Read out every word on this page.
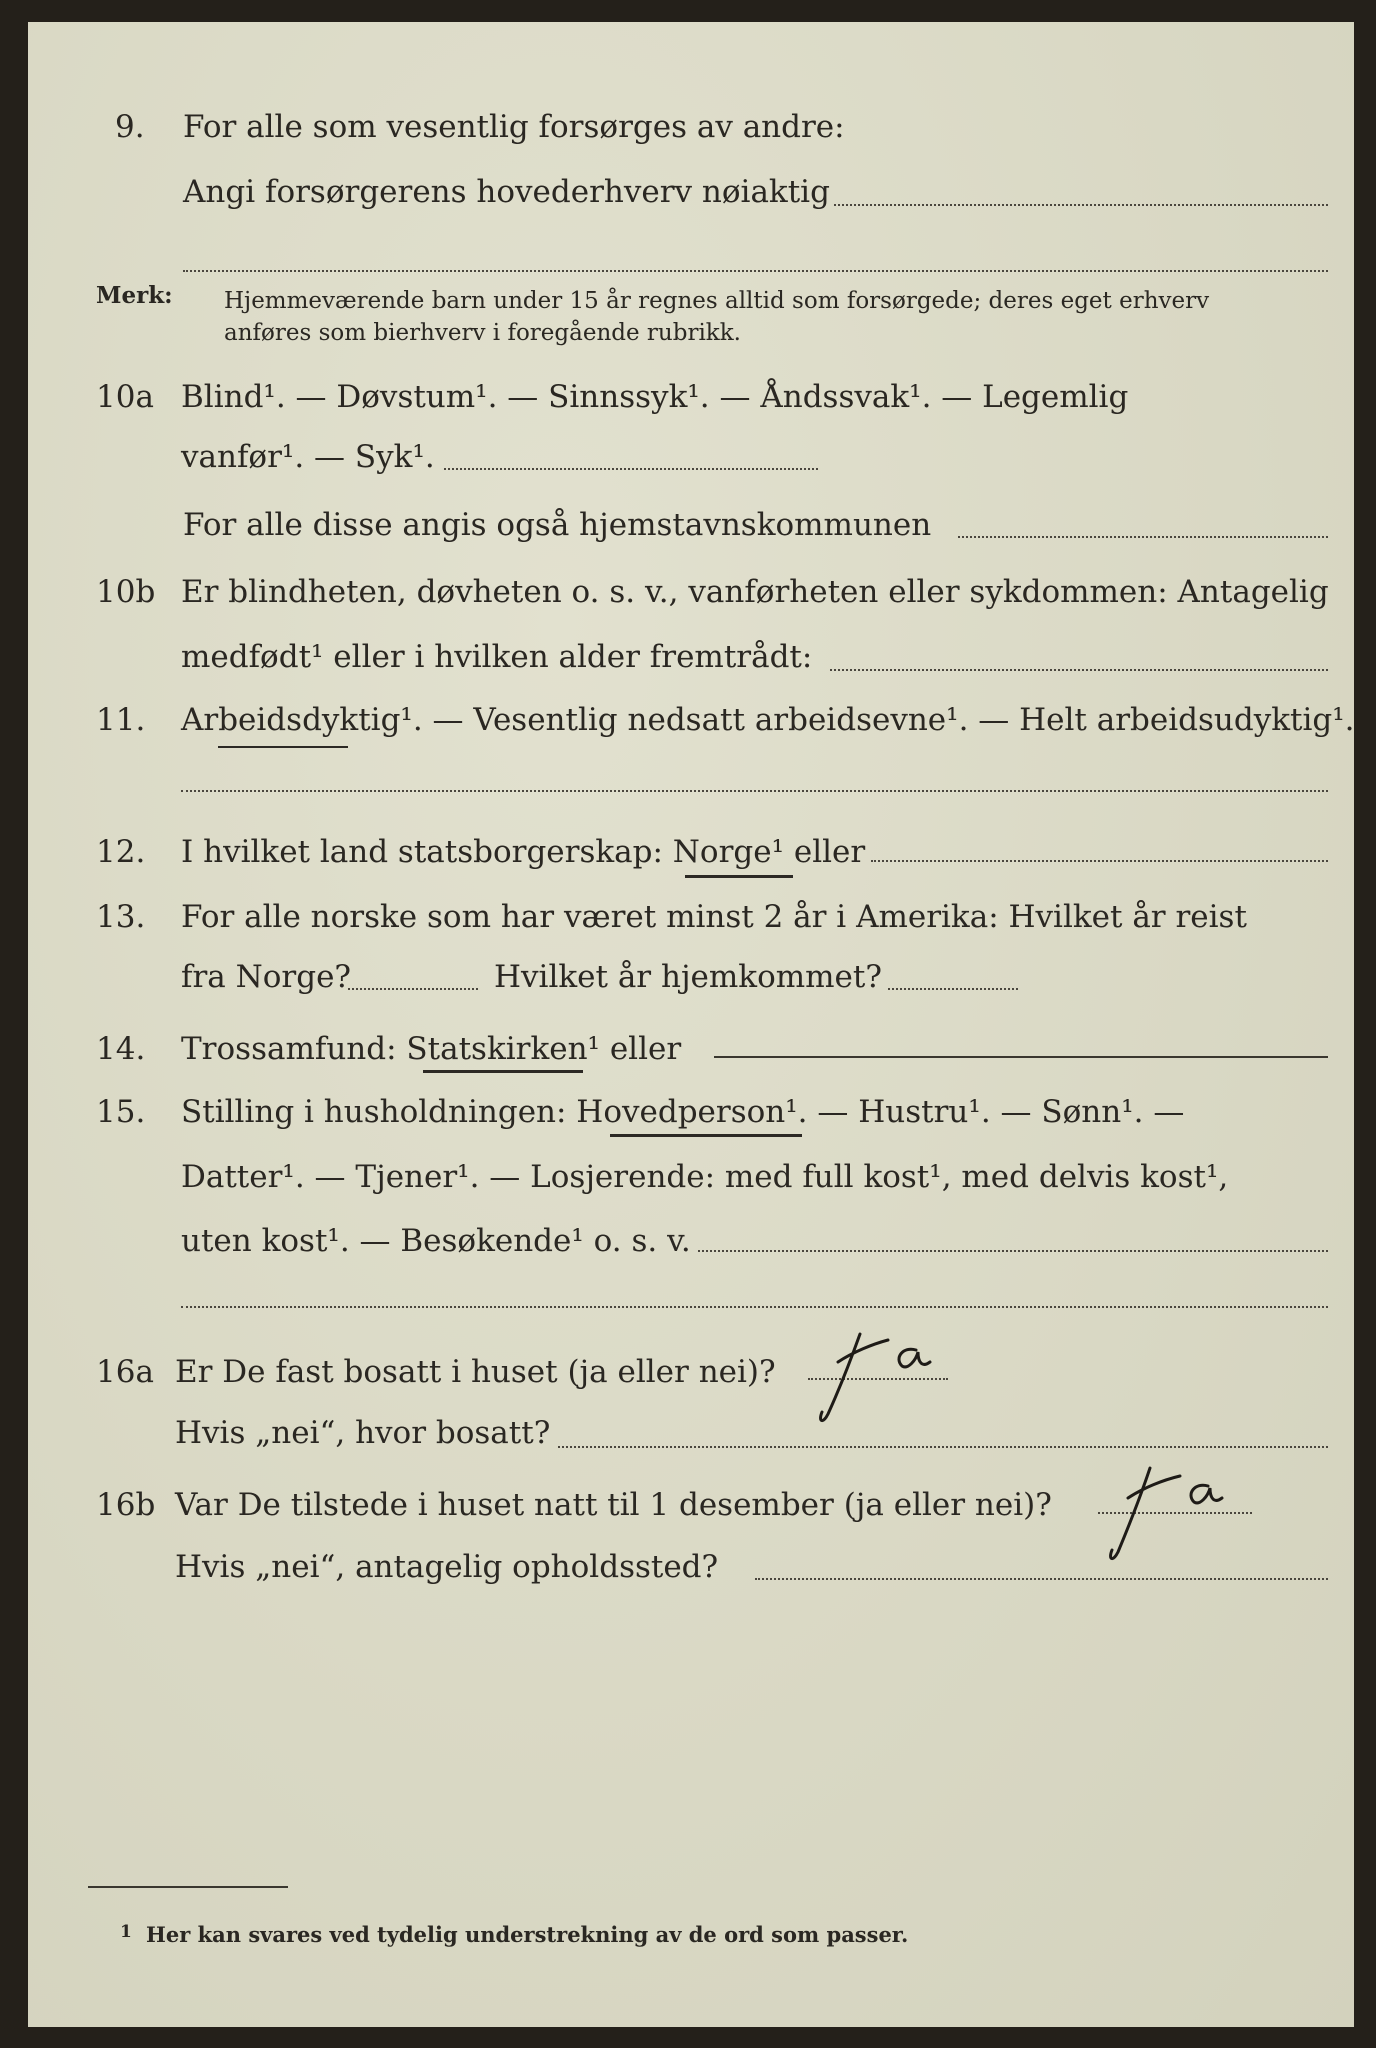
9. For alle som vesentlig forsørges av andre:
Angi forsørgerens hovederhverv nøiaktig
Merk: Hjemmeværende barn under 15 år regnes alltid som forsørgede; deres eget erhverv
anføres som bierhverv i foregående rubrikk.
10a Blind¹. — Døvstum¹. — Sinnssyk¹. — Åndssvak¹. — Legemlig
vanfør¹. — Syk¹.
For alle disse angis også hjemstavnskommunen
10b Er blindheten, døvheten o. s. v., vanførheten eller sykdommen: Antagelig
medfødt¹ eller i hvilken alder fremtrådt:
11. Arbeidsdyktig¹. — Vesentlig nedsatt arbeidsevne¹. — Helt arbeidsudyktig¹.
12. I hvilket land statsborgerskap: Norge¹ eller
13. For alle norske som har været minst 2 år i Amerika: Hvilket år reist
fra Norge?	Hvilket år hjemkommet?
14. Trossamfund: Statskirken¹ eller
15. Stilling i husholdningen: Hovedperson¹. — Hustru¹. — Sønn¹. —
Datter¹. — Tjener¹. — Losjerende: med full kost¹, med delvis kost¹,
uten kost¹. — Besøkende¹ o. s. v.
16a Er De fast bosatt i huset (ja eller nei)?
Hvis „nei“, hvor bosatt?
16b Var De tilstede i huset natt til 1 desember (ja eller nei)?
Hvis „nei“, antagelig opholdssted?
1 Her kan svares ved tydelig understrekning av de ord som passer.
